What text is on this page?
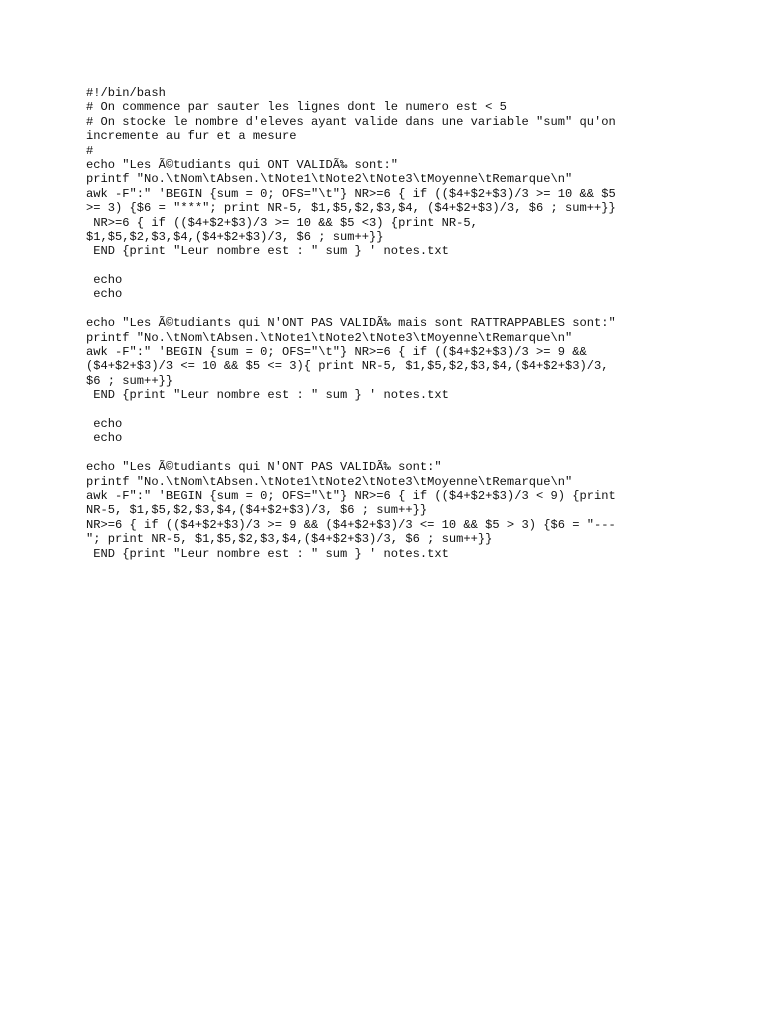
#!/bin/bash
# On commence par sauter les lignes dont le numero est < 5
# On stocke le nombre d'eleves ayant valide dans une variable "sum" qu'on
incremente au fur et a mesure
#
echo "Les Ã©tudiants qui ONT VALIDÃ‰ sont:"
printf "No.\tNom\tAbsen.\tNote1\tNote2\tNote3\tMoyenne\tRemarque\n"
awk -F":" 'BEGIN {sum = 0; OFS="\t"} NR>=6 { if (($4+$2+$3)/3 >= 10 && $5
>= 3) {$6 = "***"; print NR-5, $1,$5,$2,$3,$4, ($4+$2+$3)/3, $6 ; sum++}}
NR>=6 { if (($4+$2+$3)/3 >= 10 && $5 <3) {print NR-5,
$1,$5,$2,$3,$4,($4+$2+$3)/3, $6 ; sum++}}
END {print "Leur nombre est : " sum } ' notes.txt
echo
echo
echo "Les Ã©tudiants qui N'ONT PAS VALIDÃ‰ mais sont RATTRAPPABLES sont:"
printf "No.\tNom\tAbsen.\tNote1\tNote2\tNote3\tMoyenne\tRemarque\n"
awk -F":" 'BEGIN {sum = 0; OFS="\t"} NR>=6 { if (($4+$2+$3)/3 >= 9 &&
($4+$2+$3)/3 <= 10 && $5 <= 3){ print NR-5, $1,$5,$2,$3,$4,($4+$2+$3)/3,
$6 ; sum++}}
END {print "Leur nombre est : " sum } ' notes.txt
echo
echo
echo "Les Ã©tudiants qui N'ONT PAS VALIDÃ‰ sont:"
printf "No.\tNom\tAbsen.\tNote1\tNote2\tNote3\tMoyenne\tRemarque\n"
awk -F":" 'BEGIN {sum = 0; OFS="\t"} NR>=6 { if (($4+$2+$3)/3 < 9) {print
NR-5, $1,$5,$2,$3,$4,($4+$2+$3)/3, $6 ; sum++}}
NR>=6 { if (($4+$2+$3)/3 >= 9 && ($4+$2+$3)/3 <= 10 && $5 > 3) {$6 = "---
"; print NR-5, $1,$5,$2,$3,$4,($4+$2+$3)/3, $6 ; sum++}}
END {print "Leur nombre est : " sum } ' notes.txt
